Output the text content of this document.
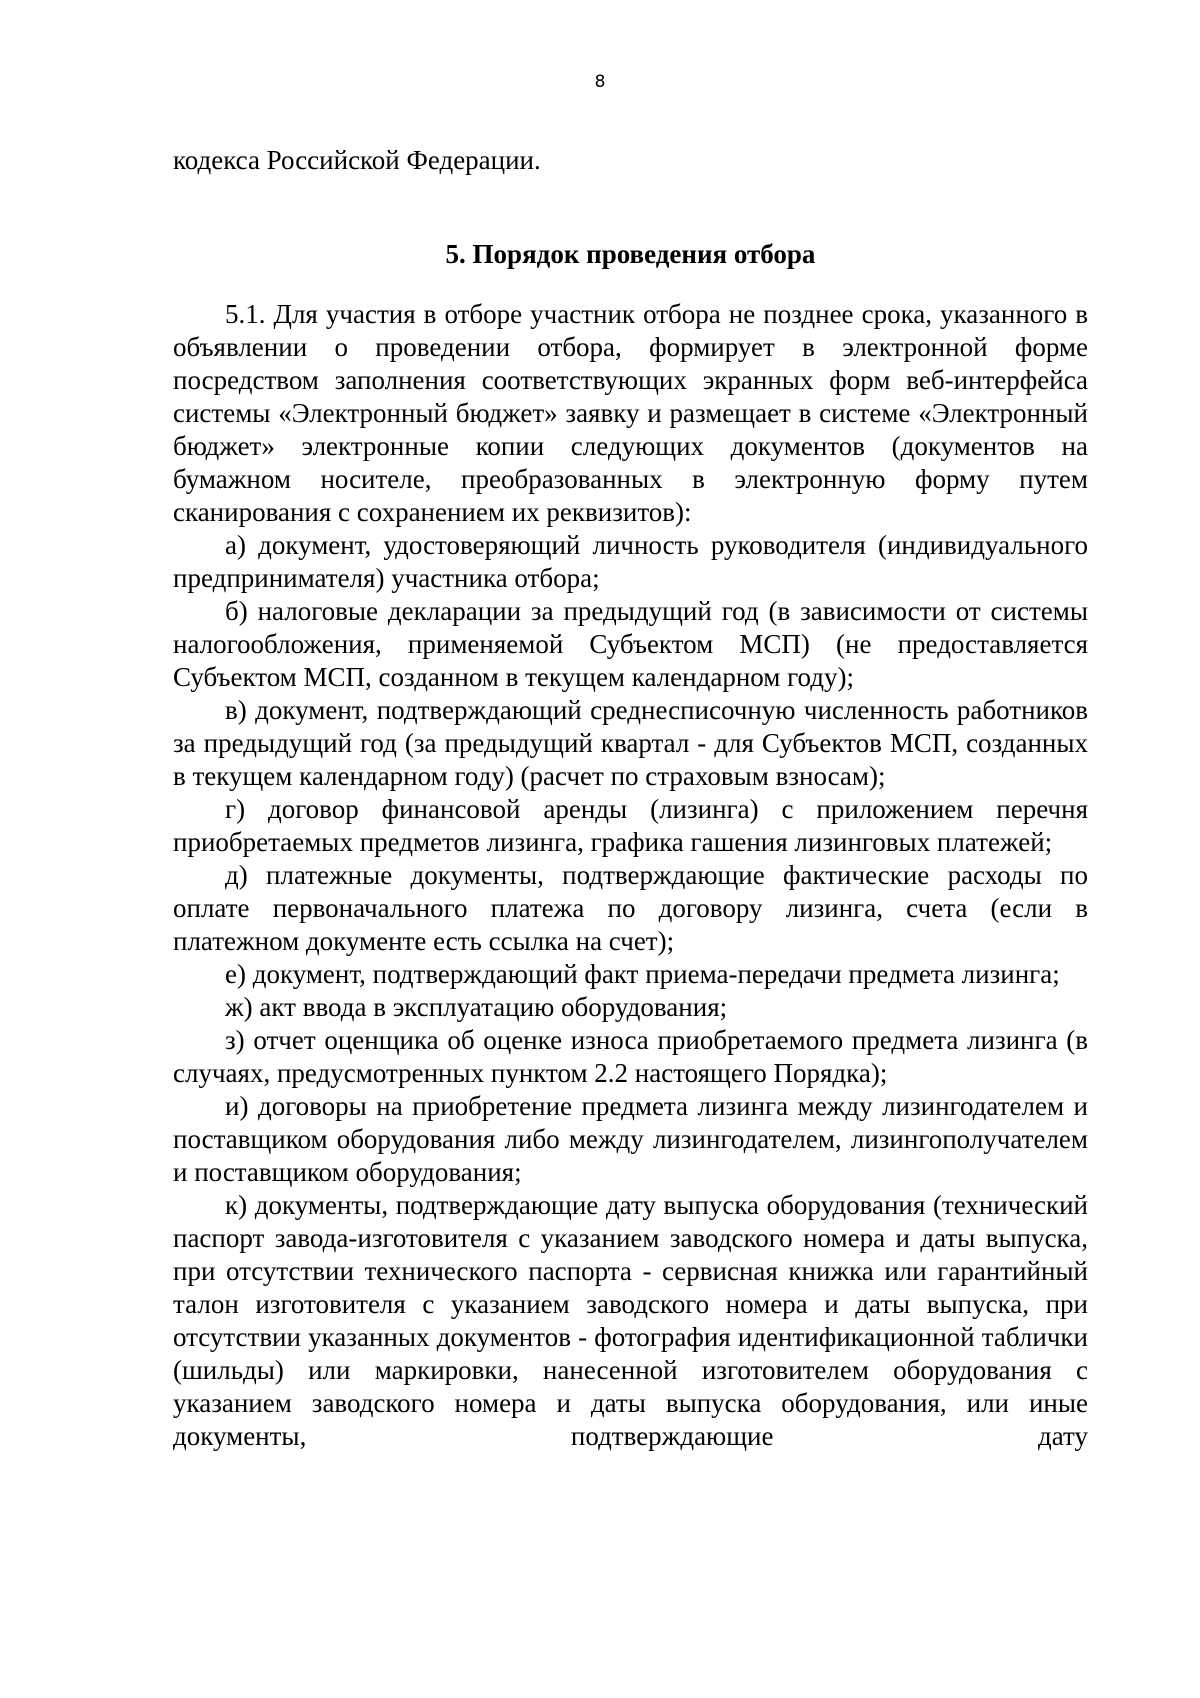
8

кодекса Российской Федерации.

5. Порядок проведения отбора

5.1. Для участия в отборе участник отбора не позднее срока, указанного в объявлении о проведении отбора, формирует в электронной форме посредством заполнения соответствующих экранных форм веб-интерфейса системы «Электронный бюджет» заявку и размещает в системе «Электронный бюджет» электронные копии следующих документов (документов на бумажном носителе, преобразованных в электронную форму путем сканирования с сохранением их реквизитов):

а) документ, удостоверяющий личность руководителя (индивидуального предпринимателя) участника отбора;

б) налоговые декларации за предыдущий год (в зависимости от системы налогообложения, применяемой Субъектом МСП) (не предоставляется Субъектом МСП, созданном в текущем календарном году);

в) документ, подтверждающий среднесписочную численность работников за предыдущий год (за предыдущий квартал - для Субъектов МСП, созданных в текущем календарном году) (расчет по страховым взносам);

г) договор финансовой аренды (лизинга) с приложением перечня приобретаемых предметов лизинга, графика гашения лизинговых платежей;

д) платежные документы, подтверждающие фактические расходы по оплате первоначального платежа по договору лизинга, счета (если в платежном документе есть ссылка на счет);

е) документ, подтверждающий факт приема-передачи предмета лизинга;

ж) акт ввода в эксплуатацию оборудования;

з) отчет оценщика об оценке износа приобретаемого предмета лизинга (в случаях, предусмотренных пунктом 2.2 настоящего Порядка);

и) договоры на приобретение предмета лизинга между лизингодателем и поставщиком оборудования либо между лизингодателем, лизингополучателем и поставщиком оборудования;

к) документы, подтверждающие дату выпуска оборудования (технический паспорт завода-изготовителя с указанием заводского номера и даты выпуска, при отсутствии технического паспорта - сервисная книжка или гарантийный талон изготовителя с указанием заводского номера и даты выпуска, при отсутствии указанных документов - фотография идентификационной таблички (шильды) или маркировки, нанесенной изготовителем оборудования с указанием заводского номера и даты выпуска оборудования, или иные документы, подтверждающие дату
